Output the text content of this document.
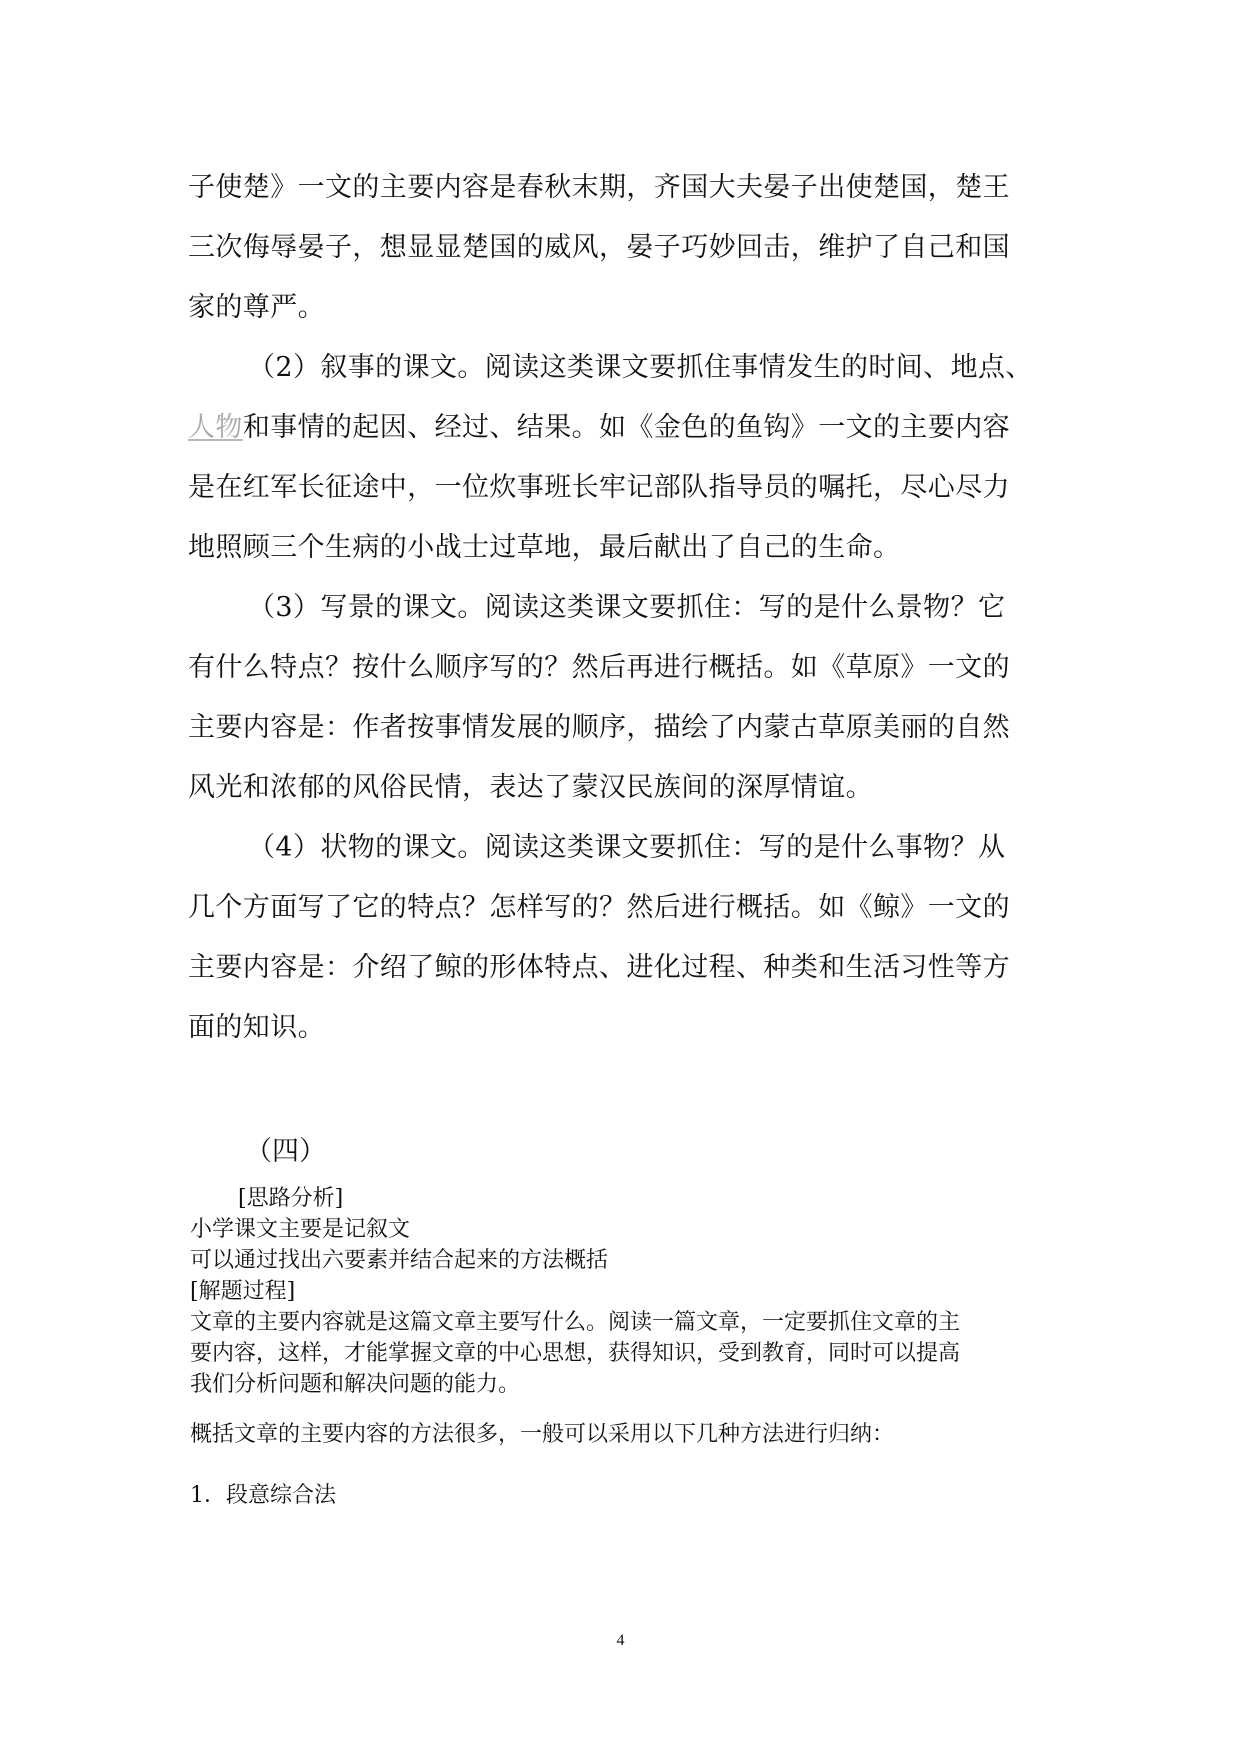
子使楚》一文的主要内容是春秋末期，齐国大夫晏子出使楚国，楚王
三次侮辱晏子，想显显楚国的威风，晏子巧妙回击，维护了自己和国
家的尊严。

（2）叙事的课文。阅读这类课文要抓住事情发生的时间、地点、
人物和事情的起因、经过、结果。如《金色的鱼钩》一文的主要内容
是在红军长征途中，一位炊事班长牢记部队指导员的嘱托，尽心尽力
地照顾三个生病的小战士过草地，最后献出了自己的生命。

（3）写景的课文。阅读这类课文要抓住：写的是什么景物？它
有什么特点？按什么顺序写的？然后再进行概括。如《草原》一文的
主要内容是：作者按事情发展的顺序，描绘了内蒙古草原美丽的自然
风光和浓郁的风俗民情，表达了蒙汉民族间的深厚情谊。

（4）状物的课文。阅读这类课文要抓住：写的是什么事物？从
几个方面写了它的特点？怎样写的？然后进行概括。如《鲸》一文的
主要内容是：介绍了鲸的形体特点、进化过程、种类和生活习性等方
面的知识。

（四）

[思路分析]

小学课文主要是记叙文

可以通过找出六要素并结合起来的方法概括

[解题过程]

文章的主要内容就是这篇文章主要写什么。阅读一篇文章，一定要抓住文章的主
要内容，这样，才能掌握文章的中心思想，获得知识，受到教育，同时可以提高
我们分析问题和解决问题的能力。

概括文章的主要内容的方法很多，一般可以采用以下几种方法进行归纳：
1．段意综合法
4
